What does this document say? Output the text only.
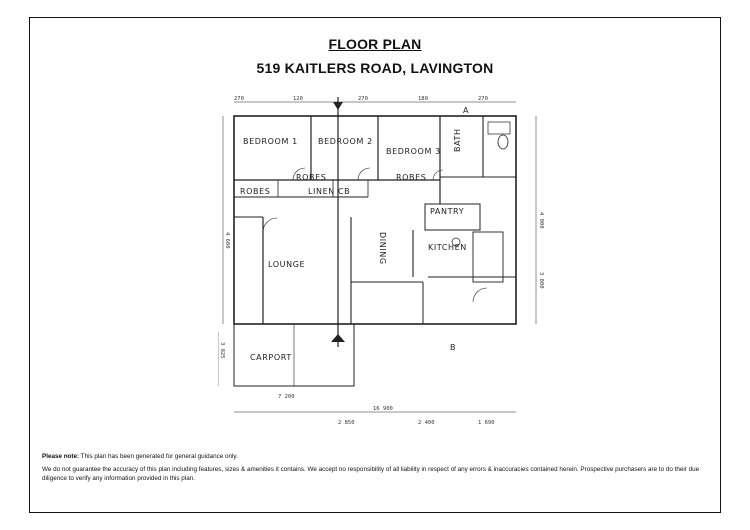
FLOOR PLAN
519 KAITLERS ROAD, LAVINGTON
BEDROOM 1	BEDROOM 2
BEDROOM 3 BATH
ROBES
ROBES	ROBES
LINEN CB
PANTRY
KITCHEN
DINING
LOUNGE
CARPORT
A
B
270	120	270	180	270
4 600
4 000
3 800
7 200
16 900
2 850	2 400	1 690
3 825

Please note: This plan has been generated for general guidance only.

We do not guarantee the accuracy of this plan including features, sizes & amenities it contains. We accept no responsibility of all liability in respect of any errors & inaccuracies contained herein. Prospective purchasers are to do their due diligence to verify any information provided in this plan.
